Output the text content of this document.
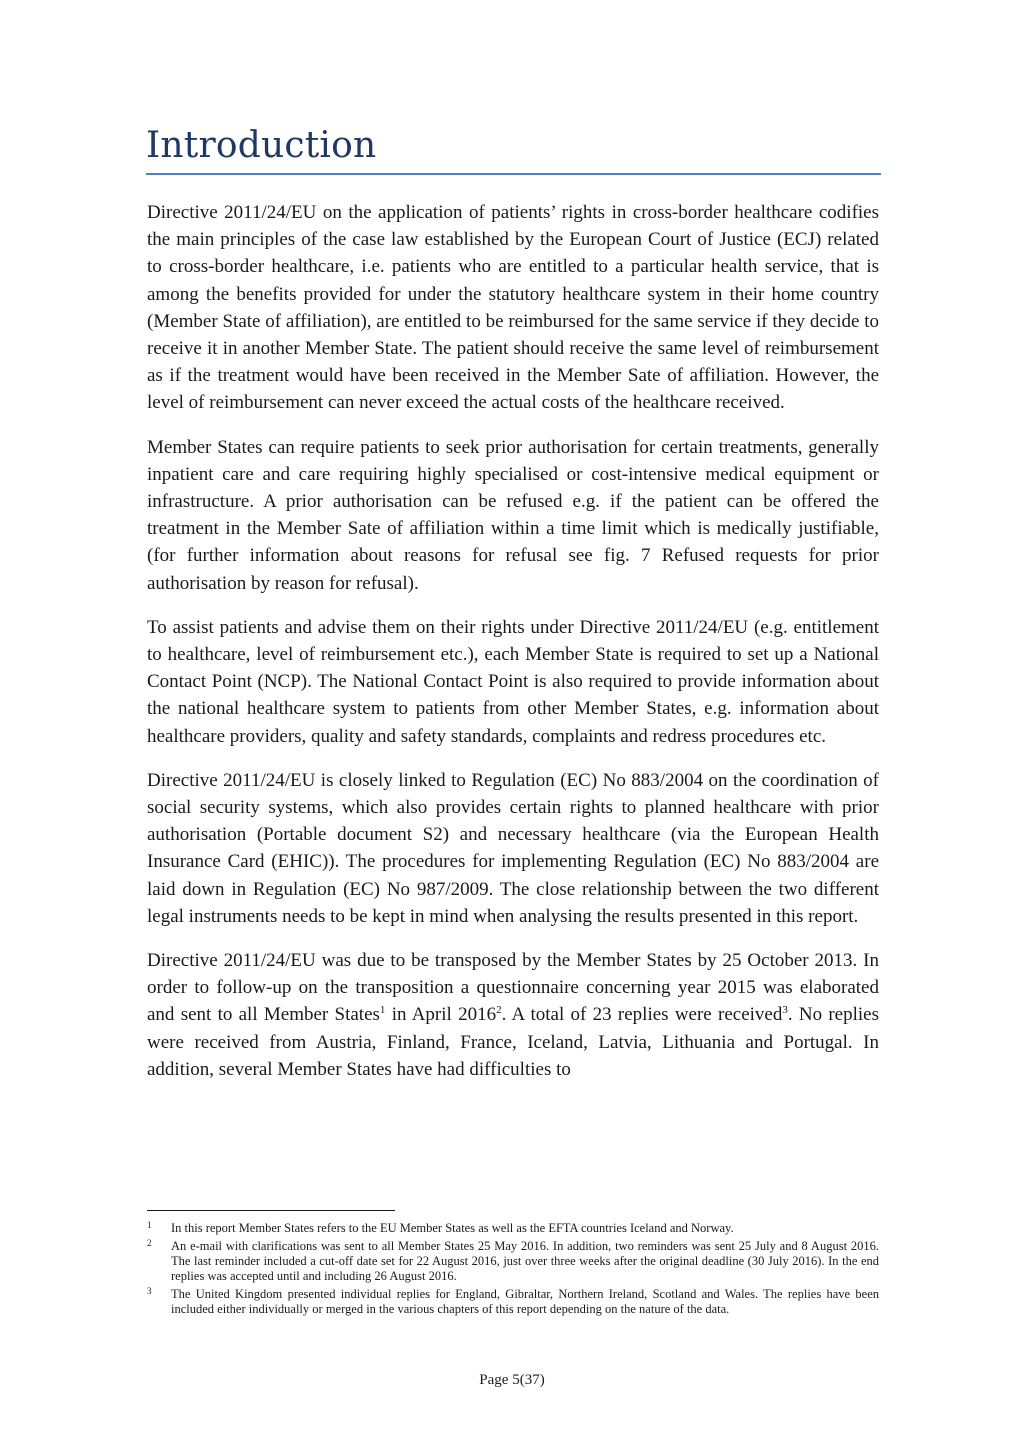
Introduction

Directive 2011/24/EU on the application of patients’ rights in cross-border healthcare codifies the main principles of the case law established by the European Court of Justice (ECJ) related to cross-border healthcare, i.e. patients who are entitled to a particular health service, that is among the benefits provided for under the statutory healthcare system in their home country (Member State of affiliation), are entitled to be reimbursed for the same service if they decide to receive it in another Member State. The patient should receive the same level of reimbursement as if the treatment would have been received in the Member Sate of affiliation. However, the level of reimbursement can never exceed the actual costs of the healthcare received.

Member States can require patients to seek prior authorisation for certain treatments, generally inpatient care and care requiring highly specialised or cost-intensive medical equipment or infrastructure. A prior authorisation can be refused e.g. if the patient can be offered the treatment in the Member Sate of affiliation within a time limit which is medically justifiable, (for further information about reasons for refusal see fig. 7 Refused requests for prior authorisation by reason for refusal).

To assist patients and advise them on their rights under Directive 2011/24/EU (e.g. entitlement to healthcare, level of reimbursement etc.), each Member State is required to set up a National Contact Point (NCP). The National Contact Point is also required to provide information about the national healthcare system to patients from other Member States, e.g. information about healthcare providers, quality and safety standards, complaints and redress procedures etc.

Directive 2011/24/EU is closely linked to Regulation (EC) No 883/2004 on the coordination of social security systems, which also provides certain rights to planned healthcare with prior authorisation (Portable document S2) and necessary healthcare (via the European Health Insurance Card (EHIC)). The procedures for implementing Regulation (EC) No 883/2004 are laid down in Regulation (EC) No 987/2009. The close relationship between the two different legal instruments needs to be kept in mind when analysing the results presented in this report.

Directive 2011/24/EU was due to be transposed by the Member States by 25 October 2013. In order to follow-up on the transposition a questionnaire concerning year 2015 was elaborated and sent to all Member States$^1$ in April 2016$^2$. A total of 23 replies were received$^3$. No replies were received from Austria, Finland, France, Iceland, Latvia, Lithuania and Portugal. In addition, several Member States have had difficulties to

1 In this report Member States refers to the EU Member States as well as the EFTA countries Iceland and Norway.
2 An e-mail with clarifications was sent to all Member States 25 May 2016. In addition, two reminders was sent 25 July and 8 August 2016. The last reminder included a cut-off date set for 22 August 2016, just over three weeks after the original deadline (30 July 2016). In the end replies was accepted until and including 26 August 2016.
3 The United Kingdom presented individual replies for England, Gibraltar, Northern Ireland, Scotland and Wales. The replies have been included either individually or merged in the various chapters of this report depending on the nature of the data.
Page 5(37)
